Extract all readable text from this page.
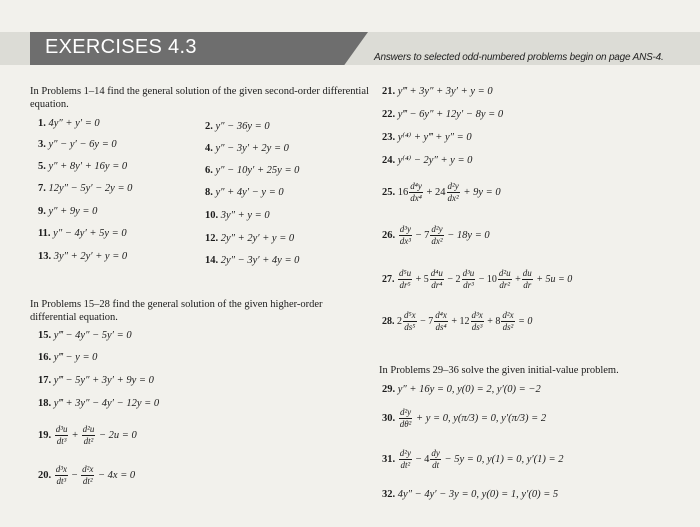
EXERCISES 4.3	Answers to selected odd-numbered problems begin on page ANS-4.
In Problems 1–14 find the general solution of the given second-order differential equation.
1. 4y″ + y′ = 0	2. y″ − 36y = 0
3. y″ − y′ − 6y = 0	4. y″ − 3y′ + 2y = 0
5. y″ + 8y′ + 16y = 0	6. y″ − 10y′ + 25y = 0
7. 12y″ − 5y′ − 2y = 0	8. y″ + 4y′ − y = 0
9. y″ + 9y = 0	10. 3y″ + y = 0
11. y″ − 4y′ + 5y = 0	12. 2y″ + 2y′ + y = 0
13. 3y″ + 2y′ + y = 0	14. 2y″ − 3y′ + 4y = 0
In Problems 15–28 find the general solution of the given higher-order differential equation.
15. y‴ − 4y″ − 5y′ = 0
16. y‴ − y = 0
17. y‴ − 5y″ + 3y′ + 9y = 0
18. y‴ + 3y″ − 4y′ − 12y = 0
19. $\frac{\text{d³u}}{\text{dt³}} + \frac{\text{d²u}}{\text{dt²}} - 2u = 0$
20. $\frac{\text{d³x}}{\text{dt³}} - \frac{\text{d²x}}{\text{dt²}} - 4x = 0$
21. y‴ + 3y″ + 3y′ + y = 0
22. y‴ − 6y″ + 12y′ − 8y = 0
23. y⁽⁴⁾ + y‴ + y″ = 0
24. y⁽⁴⁾ − 2y″ + y = 0
25. $16 \frac{\text{d⁴y}}{\text{dx⁴}} + 24 \frac{\text{d²y}}{\text{dx²}} + 9y = 0$
26. $\frac{\text{d³y}}{\text{dx³}} - 7 \frac{\text{d²y}}{\text{dx²}} - 18y = 0$
27. $\frac{\text{d⁵u}}{\text{dr⁵}} + 5 \frac{\text{d⁴u}}{\text{dr⁴}} - 2 \frac{\text{d³u}}{\text{dr³}} - 10 \frac{\text{d²u}}{\text{dr²}} + \frac{du}{dr} + 5u = 0$
28. $2 \frac{\text{d⁵x}}{\text{ds⁵}} - 7 \frac{\text{d⁴x}}{\text{ds⁴}} + 12 \frac{\text{d³x}}{\text{ds³}} + 8 \frac{\text{d²x}}{\text{ds²}} = 0$
In Problems 29–36 solve the given initial-value problem.
29. y″ + 16y = 0, y(0) = 2, y′(0) = −2
30. $\frac{\text{d²y}}{\text{dθ²}} + y = 0$, y(π/3) = 0, y′(π/3) = 2
31. $\frac{\text{d²y}}{\text{dt²}} - 4 \frac{dy}{dt} - 5y = 0$, y(1) = 0, y′(1) = 2
32. 4y″ − 4y′ − 3y = 0, y(0) = 1, y′(0) = 5
